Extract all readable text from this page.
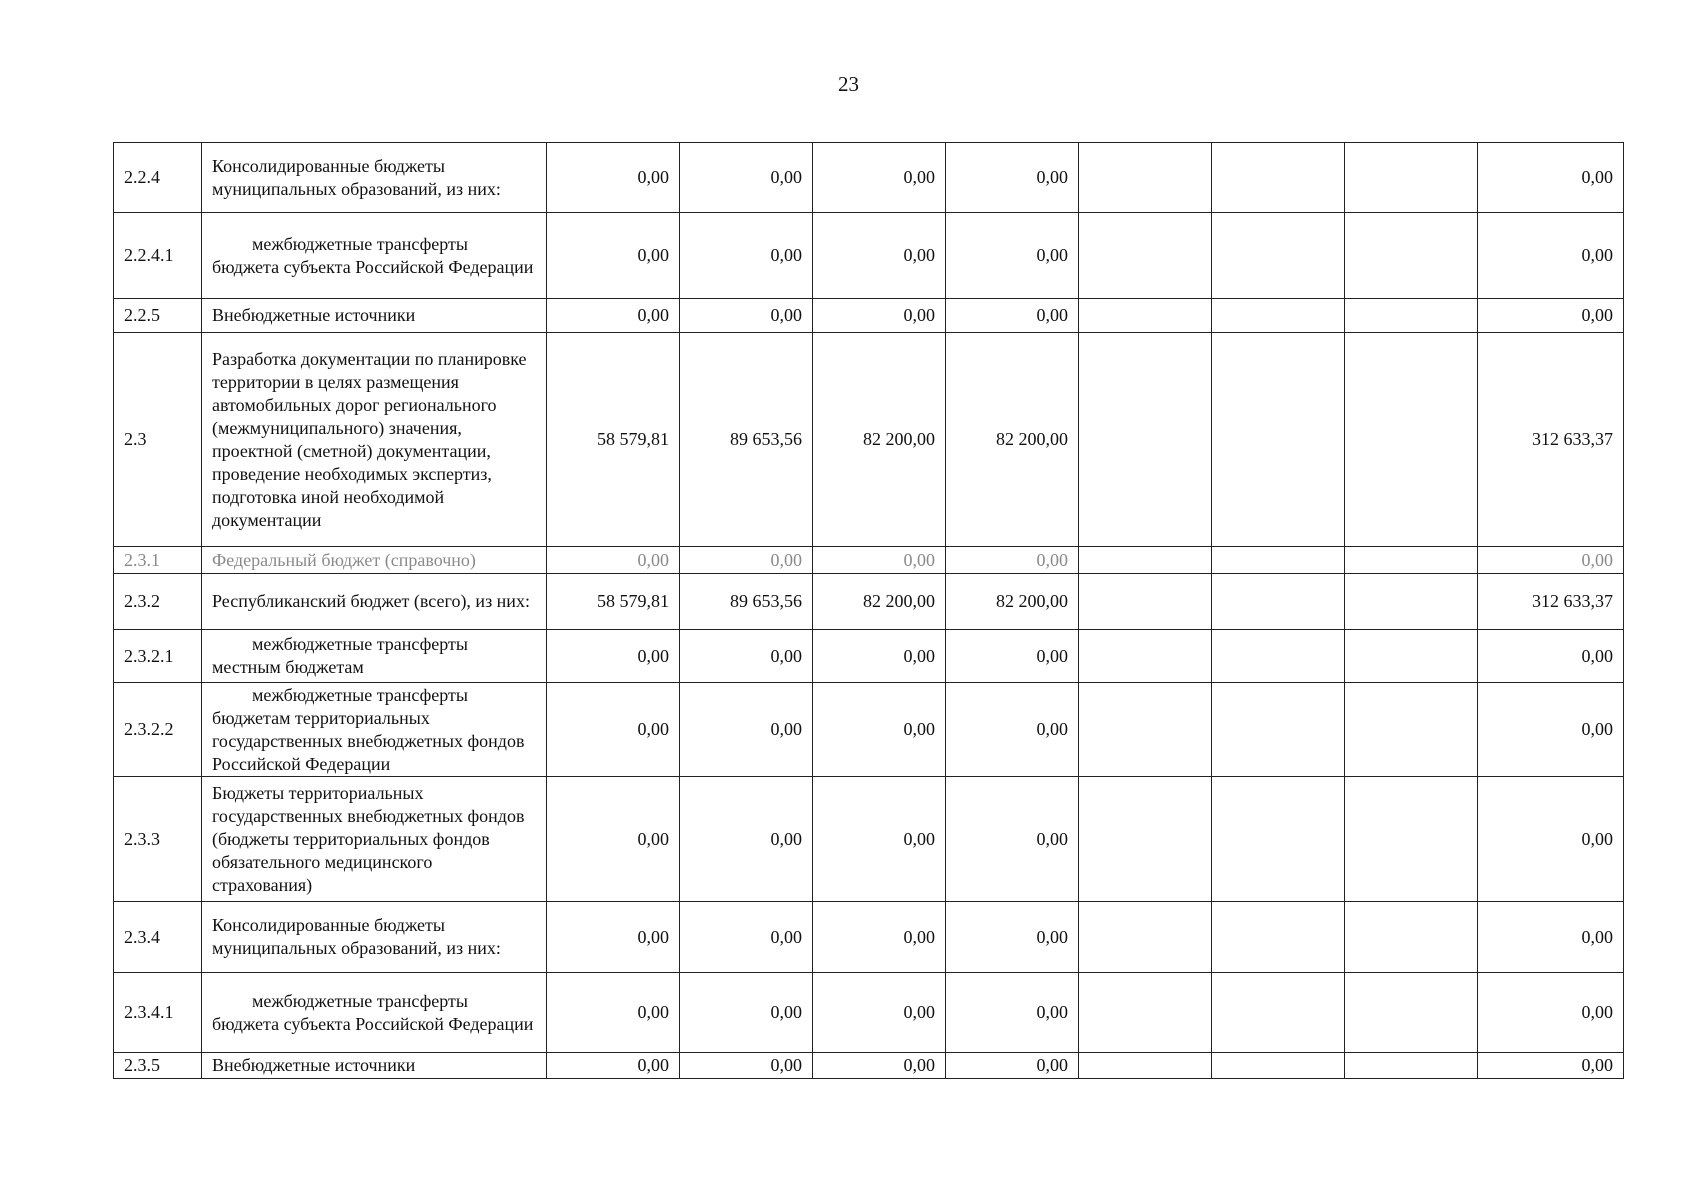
23
2.2.4	Консолидированные бюджеты муниципальных образований, из них:	0,00	0,00	0,00	0,00				0,00
2.2.4.1	межбюджетные трансферты бюджета субъекта Российской Федерации	0,00	0,00	0,00	0,00				0,00
2.2.5	Внебюджетные источники	0,00	0,00	0,00	0,00				0,00
2.3	Разработка документации по планировке территории в целях размещения автомобильных дорог регионального (межмуниципального) значения, проектной (сметной) документации, проведение необходимых экспертиз, подготовка иной необходимой документации	58 579,81	89 653,56	82 200,00	82 200,00				312 633,37
2.3.1	Федеральный бюджет (справочно)	0,00	0,00	0,00	0,00				0,00
2.3.2	Республиканский бюджет (всего), из них:	58 579,81	89 653,56	82 200,00	82 200,00				312 633,37
2.3.2.1	межбюджетные трансферты местным бюджетам	0,00	0,00	0,00	0,00				0,00
2.3.2.2	межбюджетные трансферты бюджетам территориальных государственных внебюджетных фондов Российской Федерации	0,00	0,00	0,00	0,00				0,00
2.3.3	Бюджеты территориальных государственных внебюджетных фондов (бюджеты территориальных фондов обязательного медицинского страхования)	0,00	0,00	0,00	0,00				0,00
2.3.4	Консолидированные бюджеты муниципальных образований, из них:	0,00	0,00	0,00	0,00				0,00
2.3.4.1	межбюджетные трансферты бюджета субъекта Российской Федерации	0,00	0,00	0,00	0,00				0,00
2.3.5	Внебюджетные источники	0,00	0,00	0,00	0,00				0,00
